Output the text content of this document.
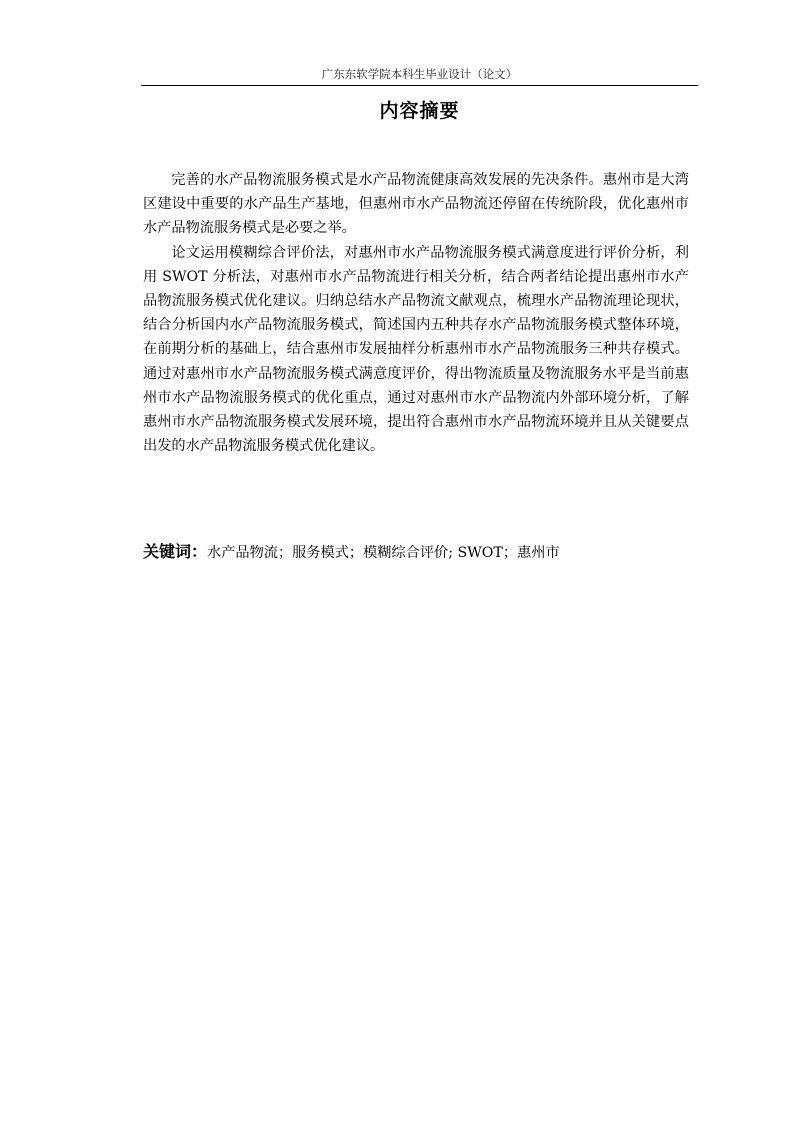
广东东软学院本科生毕业设计（论文）
内容摘要

完善的水产品物流服务模式是水产品物流健康高效发展的先决条件。惠州市是大湾区建设中重要的水产品生产基地，但惠州市水产品物流还停留在传统阶段，优化惠州市水产品物流服务模式是必要之举。

论文运用模糊综合评价法，对惠州市水产品物流服务模式满意度进行评价分析，利用 SWOT 分析法，对惠州市水产品物流进行相关分析，结合两者结论提出惠州市水产品物流服务模式优化建议。归纳总结水产品物流文献观点，梳理水产品物流理论现状，结合分析国内水产品物流服务模式，简述国内五种共存水产品物流服务模式整体环境，在前期分析的基础上，结合惠州市发展抽样分析惠州市水产品物流服务三种共存模式。通过对惠州市水产品物流服务模式满意度评价，得出物流质量及物流服务水平是当前惠州市水产品物流服务模式的优化重点，通过对惠州市水产品物流内外部环境分析，了解惠州市水产品物流服务模式发展环境，提出符合惠州市水产品物流环境并且从关键要点出发的水产品物流服务模式优化建议。

关键词：水产品物流；服务模式；模糊综合评价; SWOT；惠州市
